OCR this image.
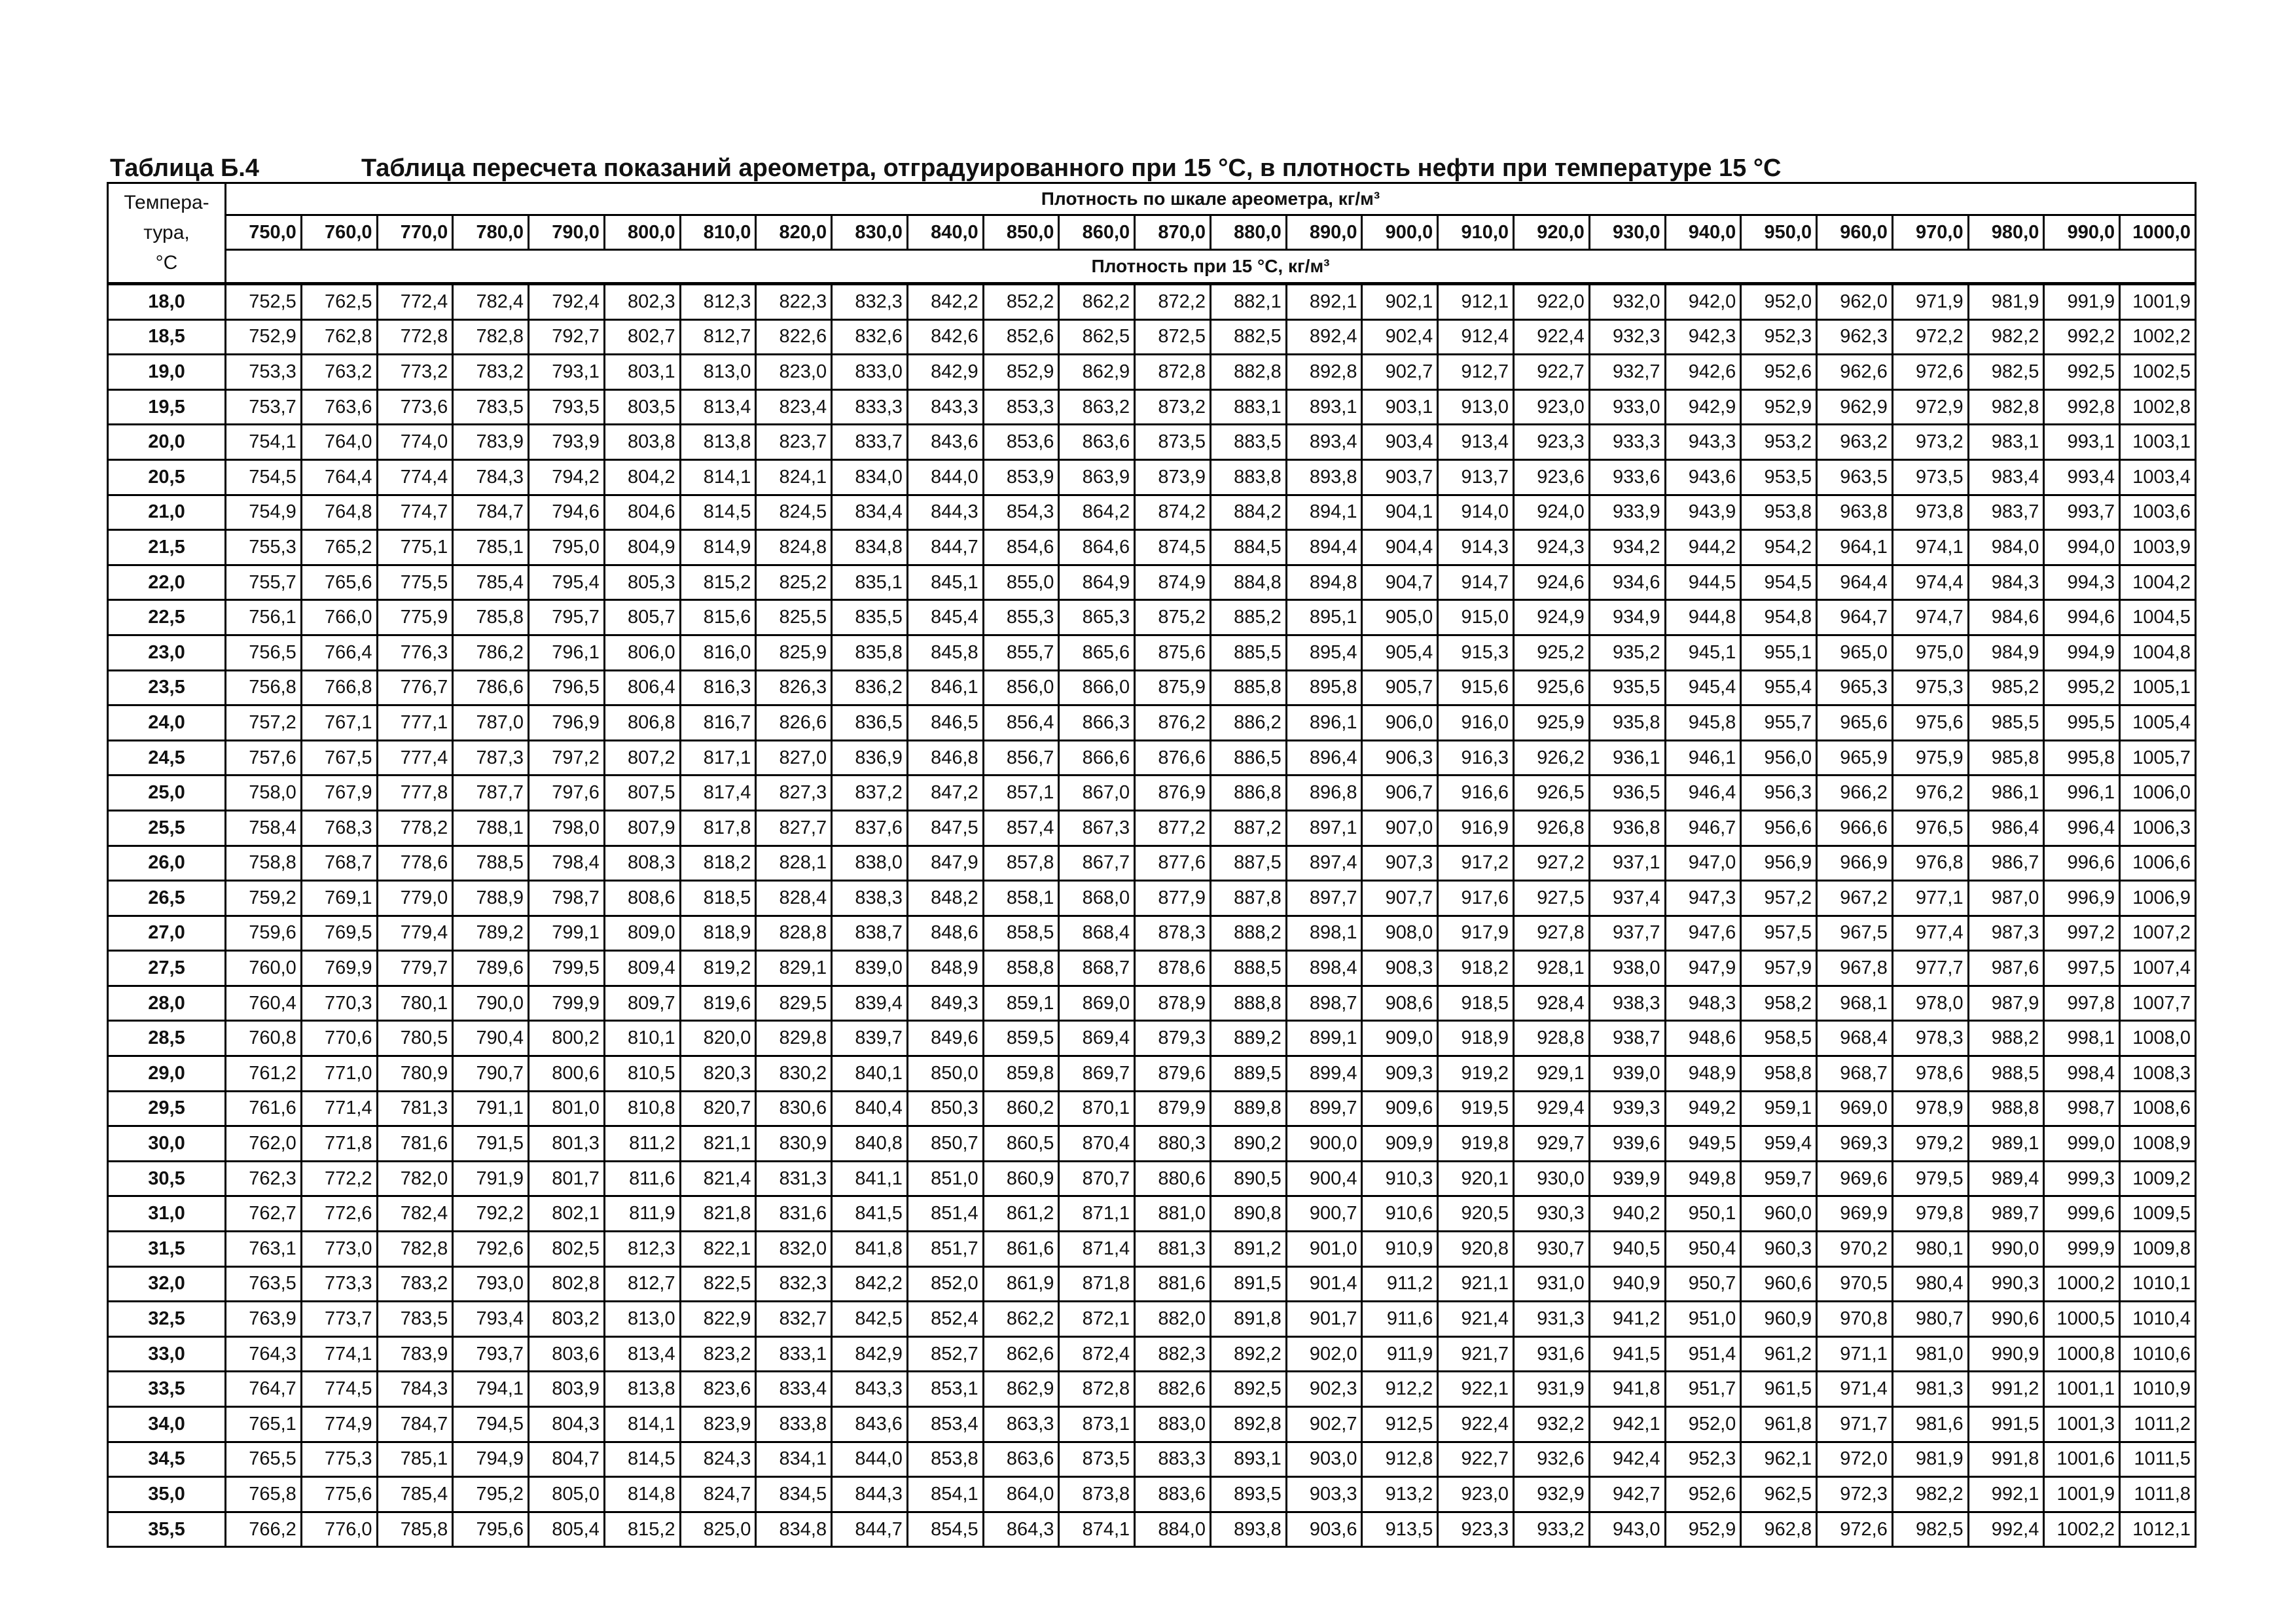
Таблица Б.4	Таблица пересчета показаний ареометра, отградуированного при 15 °С, в плотность нефти при температуре 15 °С
Темпера-
тура,
°С	Плотность по шкале ареометра, кг/м³																									
	750,0	760,0	770,0	780,0	790,0	800,0	810,0	820,0	830,0	840,0	850,0	860,0	870,0	880,0	890,0	900,0	910,0	920,0	930,0	940,0	950,0	960,0	970,0	980,0	990,0	1000,0
	Плотность при 15 °С, кг/м³																									
18,0	752,5	762,5	772,4	782,4	792,4	802,3	812,3	822,3	832,3	842,2	852,2	862,2	872,2	882,1	892,1	902,1	912,1	922,0	932,0	942,0	952,0	962,0	971,9	981,9	991,9	1001,9
18,5	752,9	762,8	772,8	782,8	792,7	802,7	812,7	822,6	832,6	842,6	852,6	862,5	872,5	882,5	892,4	902,4	912,4	922,4	932,3	942,3	952,3	962,3	972,2	982,2	992,2	1002,2
19,0	753,3	763,2	773,2	783,2	793,1	803,1	813,0	823,0	833,0	842,9	852,9	862,9	872,8	882,8	892,8	902,7	912,7	922,7	932,7	942,6	952,6	962,6	972,6	982,5	992,5	1002,5
19,5	753,7	763,6	773,6	783,5	793,5	803,5	813,4	823,4	833,3	843,3	853,3	863,2	873,2	883,1	893,1	903,1	913,0	923,0	933,0	942,9	952,9	962,9	972,9	982,8	992,8	1002,8
20,0	754,1	764,0	774,0	783,9	793,9	803,8	813,8	823,7	833,7	843,6	853,6	863,6	873,5	883,5	893,4	903,4	913,4	923,3	933,3	943,3	953,2	963,2	973,2	983,1	993,1	1003,1
20,5	754,5	764,4	774,4	784,3	794,2	804,2	814,1	824,1	834,0	844,0	853,9	863,9	873,9	883,8	893,8	903,7	913,7	923,6	933,6	943,6	953,5	963,5	973,5	983,4	993,4	1003,4
21,0	754,9	764,8	774,7	784,7	794,6	804,6	814,5	824,5	834,4	844,3	854,3	864,2	874,2	884,2	894,1	904,1	914,0	924,0	933,9	943,9	953,8	963,8	973,8	983,7	993,7	1003,6
21,5	755,3	765,2	775,1	785,1	795,0	804,9	814,9	824,8	834,8	844,7	854,6	864,6	874,5	884,5	894,4	904,4	914,3	924,3	934,2	944,2	954,2	964,1	974,1	984,0	994,0	1003,9
22,0	755,7	765,6	775,5	785,4	795,4	805,3	815,2	825,2	835,1	845,1	855,0	864,9	874,9	884,8	894,8	904,7	914,7	924,6	934,6	944,5	954,5	964,4	974,4	984,3	994,3	1004,2
22,5	756,1	766,0	775,9	785,8	795,7	805,7	815,6	825,5	835,5	845,4	855,3	865,3	875,2	885,2	895,1	905,0	915,0	924,9	934,9	944,8	954,8	964,7	974,7	984,6	994,6	1004,5
23,0	756,5	766,4	776,3	786,2	796,1	806,0	816,0	825,9	835,8	845,8	855,7	865,6	875,6	885,5	895,4	905,4	915,3	925,2	935,2	945,1	955,1	965,0	975,0	984,9	994,9	1004,8
23,5	756,8	766,8	776,7	786,6	796,5	806,4	816,3	826,3	836,2	846,1	856,0	866,0	875,9	885,8	895,8	905,7	915,6	925,6	935,5	945,4	955,4	965,3	975,3	985,2	995,2	1005,1
24,0	757,2	767,1	777,1	787,0	796,9	806,8	816,7	826,6	836,5	846,5	856,4	866,3	876,2	886,2	896,1	906,0	916,0	925,9	935,8	945,8	955,7	965,6	975,6	985,5	995,5	1005,4
24,5	757,6	767,5	777,4	787,3	797,2	807,2	817,1	827,0	836,9	846,8	856,7	866,6	876,6	886,5	896,4	906,3	916,3	926,2	936,1	946,1	956,0	965,9	975,9	985,8	995,8	1005,7
25,0	758,0	767,9	777,8	787,7	797,6	807,5	817,4	827,3	837,2	847,2	857,1	867,0	876,9	886,8	896,8	906,7	916,6	926,5	936,5	946,4	956,3	966,2	976,2	986,1	996,1	1006,0
25,5	758,4	768,3	778,2	788,1	798,0	807,9	817,8	827,7	837,6	847,5	857,4	867,3	877,2	887,2	897,1	907,0	916,9	926,8	936,8	946,7	956,6	966,6	976,5	986,4	996,4	1006,3
26,0	758,8	768,7	778,6	788,5	798,4	808,3	818,2	828,1	838,0	847,9	857,8	867,7	877,6	887,5	897,4	907,3	917,2	927,2	937,1	947,0	956,9	966,9	976,8	986,7	996,6	1006,6
26,5	759,2	769,1	779,0	788,9	798,7	808,6	818,5	828,4	838,3	848,2	858,1	868,0	877,9	887,8	897,7	907,7	917,6	927,5	937,4	947,3	957,2	967,2	977,1	987,0	996,9	1006,9
27,0	759,6	769,5	779,4	789,2	799,1	809,0	818,9	828,8	838,7	848,6	858,5	868,4	878,3	888,2	898,1	908,0	917,9	927,8	937,7	947,6	957,5	967,5	977,4	987,3	997,2	1007,2
27,5	760,0	769,9	779,7	789,6	799,5	809,4	819,2	829,1	839,0	848,9	858,8	868,7	878,6	888,5	898,4	908,3	918,2	928,1	938,0	947,9	957,9	967,8	977,7	987,6	997,5	1007,4
28,0	760,4	770,3	780,1	790,0	799,9	809,7	819,6	829,5	839,4	849,3	859,1	869,0	878,9	888,8	898,7	908,6	918,5	928,4	938,3	948,3	958,2	968,1	978,0	987,9	997,8	1007,7
28,5	760,8	770,6	780,5	790,4	800,2	810,1	820,0	829,8	839,7	849,6	859,5	869,4	879,3	889,2	899,1	909,0	918,9	928,8	938,7	948,6	958,5	968,4	978,3	988,2	998,1	1008,0
29,0	761,2	771,0	780,9	790,7	800,6	810,5	820,3	830,2	840,1	850,0	859,8	869,7	879,6	889,5	899,4	909,3	919,2	929,1	939,0	948,9	958,8	968,7	978,6	988,5	998,4	1008,3
29,5	761,6	771,4	781,3	791,1	801,0	810,8	820,7	830,6	840,4	850,3	860,2	870,1	879,9	889,8	899,7	909,6	919,5	929,4	939,3	949,2	959,1	969,0	978,9	988,8	998,7	1008,6
30,0	762,0	771,8	781,6	791,5	801,3	811,2	821,1	830,9	840,8	850,7	860,5	870,4	880,3	890,2	900,0	909,9	919,8	929,7	939,6	949,5	959,4	969,3	979,2	989,1	999,0	1008,9
30,5	762,3	772,2	782,0	791,9	801,7	811,6	821,4	831,3	841,1	851,0	860,9	870,7	880,6	890,5	900,4	910,3	920,1	930,0	939,9	949,8	959,7	969,6	979,5	989,4	999,3	1009,2
31,0	762,7	772,6	782,4	792,2	802,1	811,9	821,8	831,6	841,5	851,4	861,2	871,1	881,0	890,8	900,7	910,6	920,5	930,3	940,2	950,1	960,0	969,9	979,8	989,7	999,6	1009,5
31,5	763,1	773,0	782,8	792,6	802,5	812,3	822,1	832,0	841,8	851,7	861,6	871,4	881,3	891,2	901,0	910,9	920,8	930,7	940,5	950,4	960,3	970,2	980,1	990,0	999,9	1009,8
32,0	763,5	773,3	783,2	793,0	802,8	812,7	822,5	832,3	842,2	852,0	861,9	871,8	881,6	891,5	901,4	911,2	921,1	931,0	940,9	950,7	960,6	970,5	980,4	990,3	1000,2	1010,1
32,5	763,9	773,7	783,5	793,4	803,2	813,0	822,9	832,7	842,5	852,4	862,2	872,1	882,0	891,8	901,7	911,6	921,4	931,3	941,2	951,0	960,9	970,8	980,7	990,6	1000,5	1010,4
33,0	764,3	774,1	783,9	793,7	803,6	813,4	823,2	833,1	842,9	852,7	862,6	872,4	882,3	892,2	902,0	911,9	921,7	931,6	941,5	951,4	961,2	971,1	981,0	990,9	1000,8	1010,6
33,5	764,7	774,5	784,3	794,1	803,9	813,8	823,6	833,4	843,3	853,1	862,9	872,8	882,6	892,5	902,3	912,2	922,1	931,9	941,8	951,7	961,5	971,4	981,3	991,2	1001,1	1010,9
34,0	765,1	774,9	784,7	794,5	804,3	814,1	823,9	833,8	843,6	853,4	863,3	873,1	883,0	892,8	902,7	912,5	922,4	932,2	942,1	952,0	961,8	971,7	981,6	991,5	1001,3	1011,2
34,5	765,5	775,3	785,1	794,9	804,7	814,5	824,3	834,1	844,0	853,8	863,6	873,5	883,3	893,1	903,0	912,8	922,7	932,6	942,4	952,3	962,1	972,0	981,9	991,8	1001,6	1011,5
35,0	765,8	775,6	785,4	795,2	805,0	814,8	824,7	834,5	844,3	854,1	864,0	873,8	883,6	893,5	903,3	913,2	923,0	932,9	942,7	952,6	962,5	972,3	982,2	992,1	1001,9	1011,8
35,5	766,2	776,0	785,8	795,6	805,4	815,2	825,0	834,8	844,7	854,5	864,3	874,1	884,0	893,8	903,6	913,5	923,3	933,2	943,0	952,9	962,8	972,6	982,5	992,4	1002,2	1012,1
